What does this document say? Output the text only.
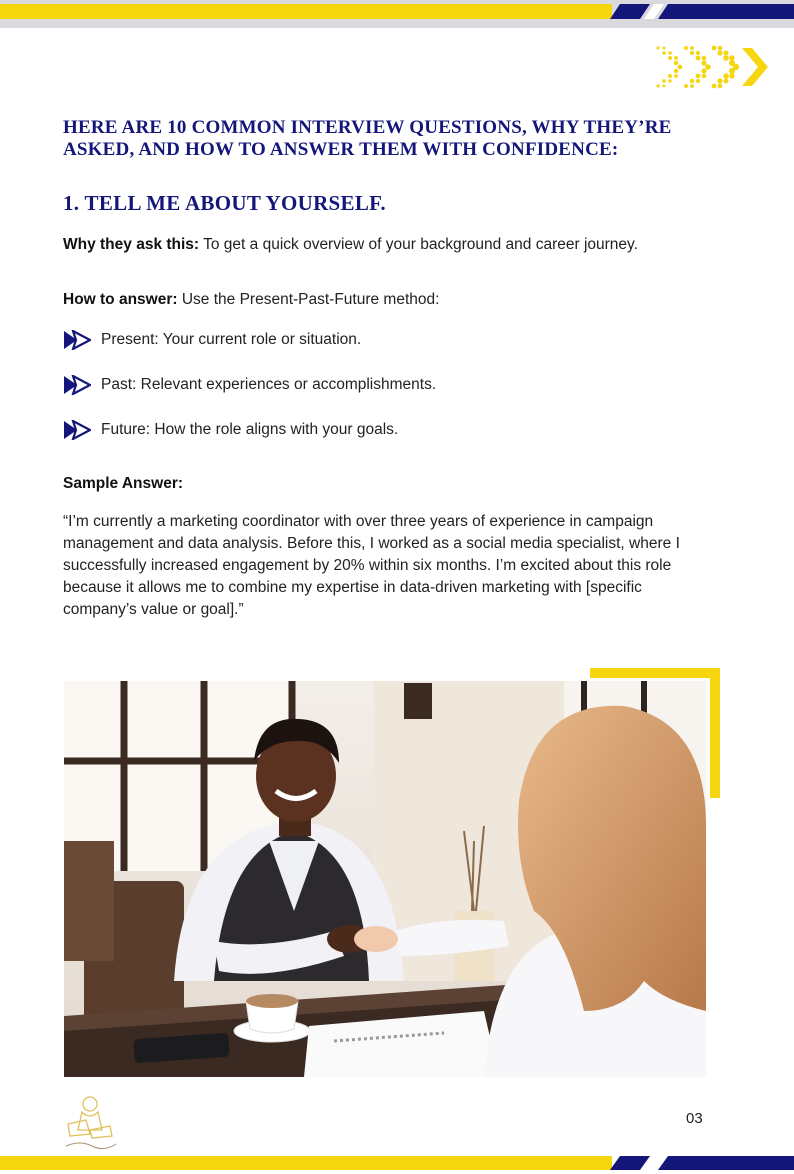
HERE ARE 10 COMMON INTERVIEW QUESTIONS, WHY THEY’RE ASKED, AND HOW TO ANSWER THEM WITH CONFIDENCE:
1. TELL ME ABOUT YOURSELF.

Why they ask this: To get a quick overview of your background and career journey.

How to answer: Use the Present-Past-Future method:

Present: Your current role or situation.
Past: Relevant experiences or accomplishments.
Future: How the role aligns with your goals.

Sample Answer:

“I’m currently a marketing coordinator with over three years of experience in campaign management and data analysis. Before this, I worked as a social media specialist, where I successfully increased engagement by 20% within six months. I’m excited about this role because it allows me to combine my expertise in data-driven marketing with [specific company’s value or goal].”

03
